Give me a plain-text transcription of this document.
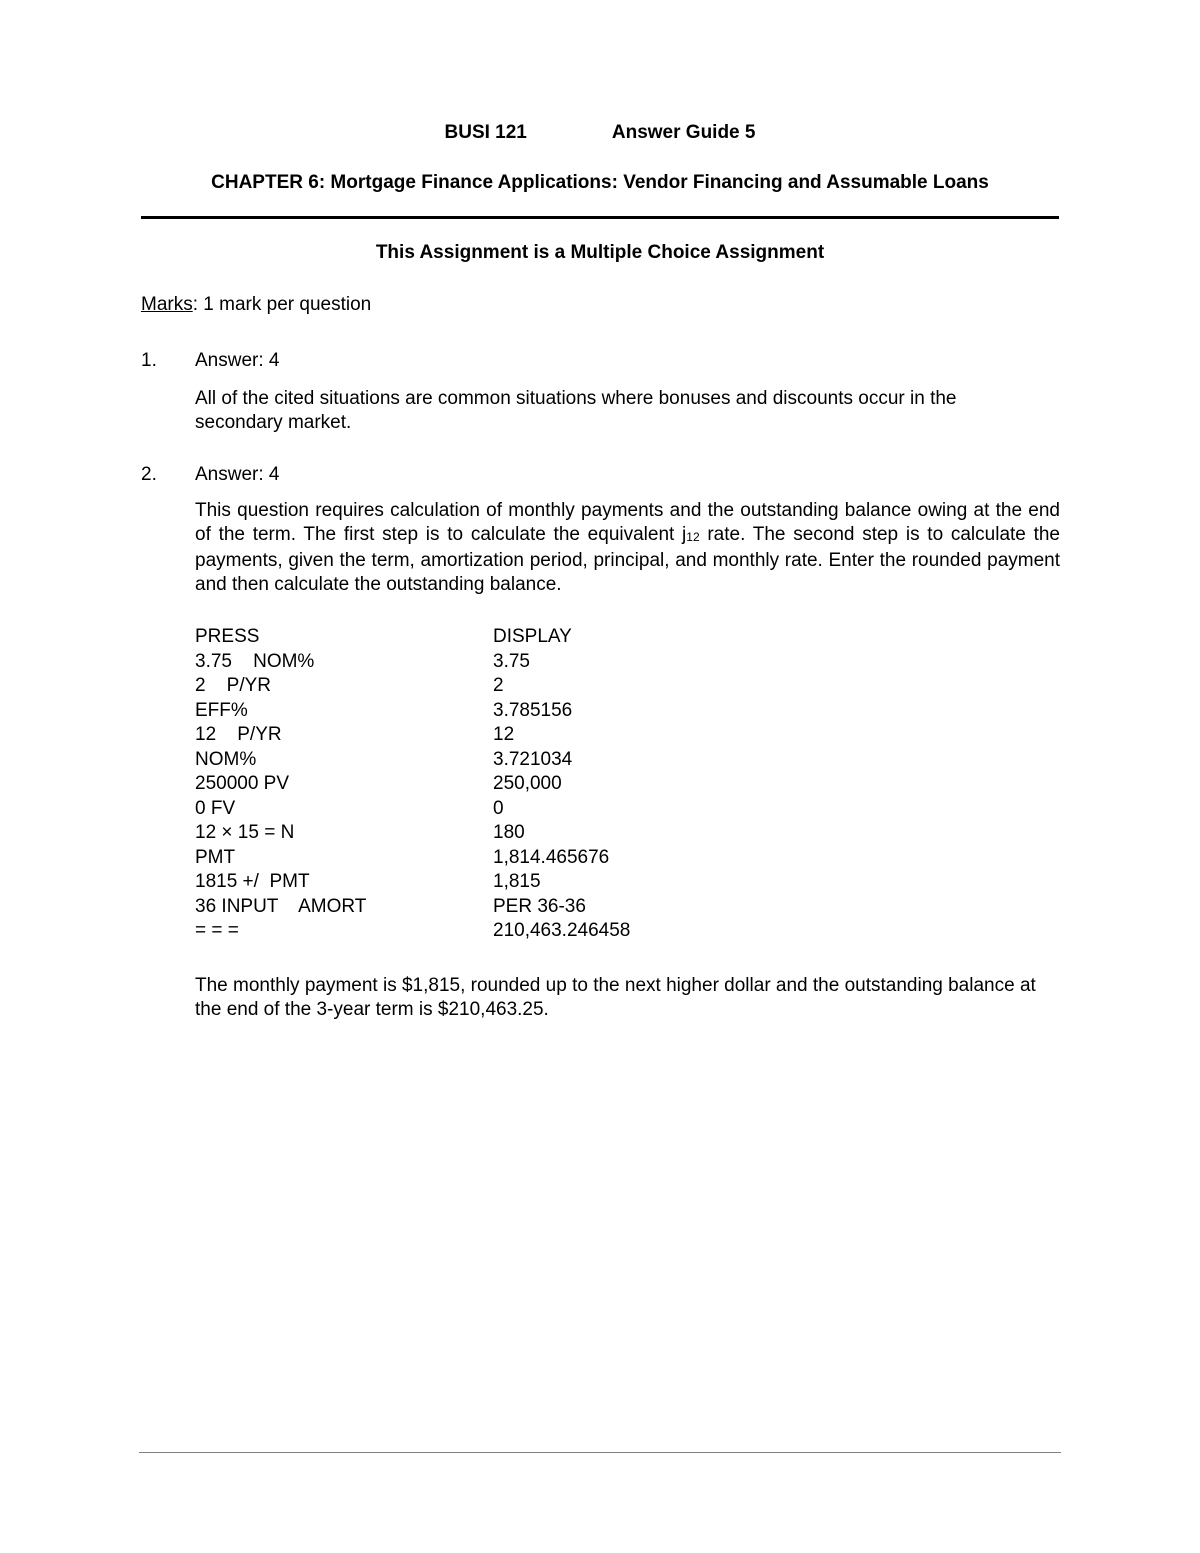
BUSI 121	Answer Guide 5
CHAPTER 6: Mortgage Finance Applications: Vendor Financing and Assumable Loans
This Assignment is a Multiple Choice Assignment
Marks: 1 mark per question
1. Answer: 4
All of the cited situations are common situations where bonuses and discounts occur in the secondary market.
2. Answer: 4
This question requires calculation of monthly payments and the outstanding balance owing at the end of the term. The first step is to calculate the equivalent $j_{12}$ rate. The second step is to calculate the payments, given the term, amortization period, principal, and monthly rate. Enter the rounded payment and then calculate the outstanding balance.
PRESS	DISPLAY
3.75    NOM%	3.75
2    P/YR	2
EFF%	3.785156
12    P/YR	12
NOM%	3.721034
250000 PV	250,000
0 FV	0
12 × 15 = N	180
PMT	1,814.465676
1815 +/  PMT	1,815
36 INPUT    AMORT	PER 36-36
= = =	210,463.246458
The monthly payment is $1,815, rounded up to the next higher dollar and the outstanding balance at the end of the 3-year term is $210,463.25.
